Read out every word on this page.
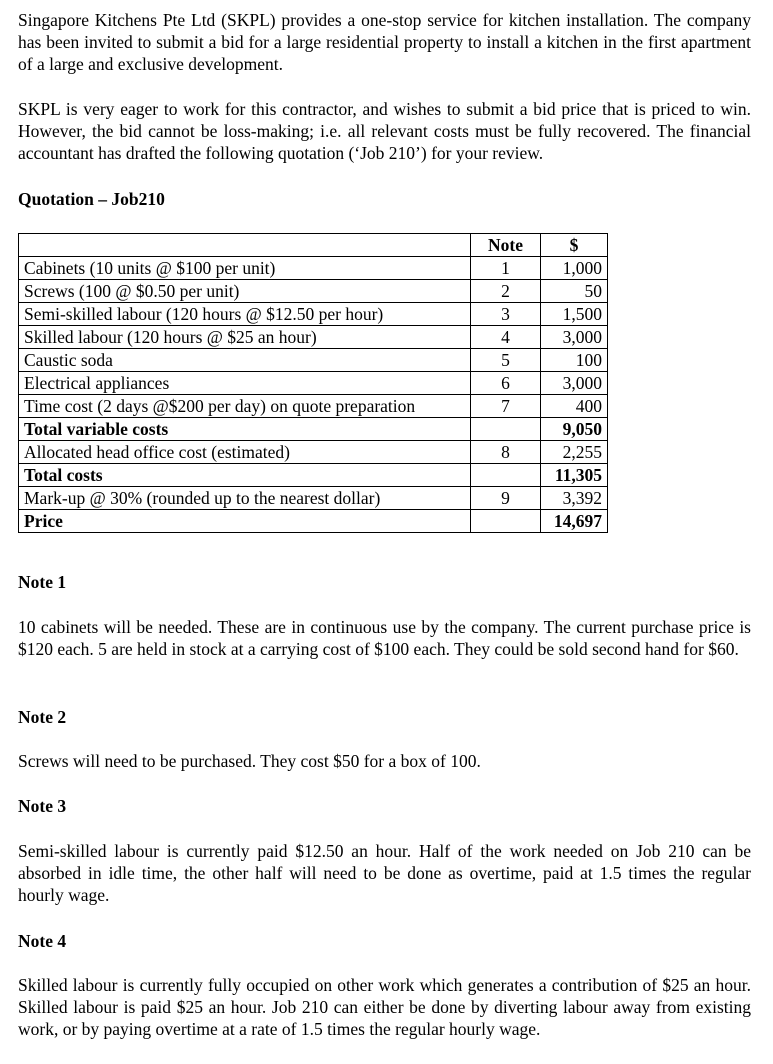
Singapore Kitchens Pte Ltd (SKPL) provides a one-stop service for kitchen installation. The company has been invited to submit a bid for a large residential property to install a kitchen in the first apartment of a large and exclusive development.

SKPL is very eager to work for this contractor, and wishes to submit a bid price that is priced to win. However, the bid cannot be loss-making; i.e. all relevant costs must be fully recovered. The financial accountant has drafted the following quotation (‘Job 210’) for your review.

Quotation – Job210

	Note	$
Cabinets (10 units @ $100 per unit)	1	1,000
Screws (100 @ $0.50 per unit)	2	50
Semi-skilled labour (120 hours @ $12.50 per hour)	3	1,500
Skilled labour (120 hours @ $25 an hour)	4	3,000
Caustic soda	5	100
Electrical appliances	6	3,000
Time cost (2 days @$200 per day) on quote preparation	7	400
Total variable costs		9,050
Allocated head office cost (estimated)	8	2,255
Total costs		11,305
Mark-up @ 30% (rounded up to the nearest dollar)	9	3,392
Price		14,697

Note 1

10 cabinets will be needed. These are in continuous use by the company. The current purchase price is $120 each. 5 are held in stock at a carrying cost of $100 each. They could be sold second hand for $60.

Note 2

Screws will need to be purchased. They cost $50 for a box of 100.

Note 3

Semi-skilled labour is currently paid $12.50 an hour. Half of the work needed on Job 210 can be absorbed in idle time, the other half will need to be done as overtime, paid at 1.5 times the regular hourly wage.

Note 4

Skilled labour is currently fully occupied on other work which generates a contribution of $25 an hour. Skilled labour is paid $25 an hour. Job 210 can either be done by diverting labour away from existing work, or by paying overtime at a rate of 1.5 times the regular hourly wage.
